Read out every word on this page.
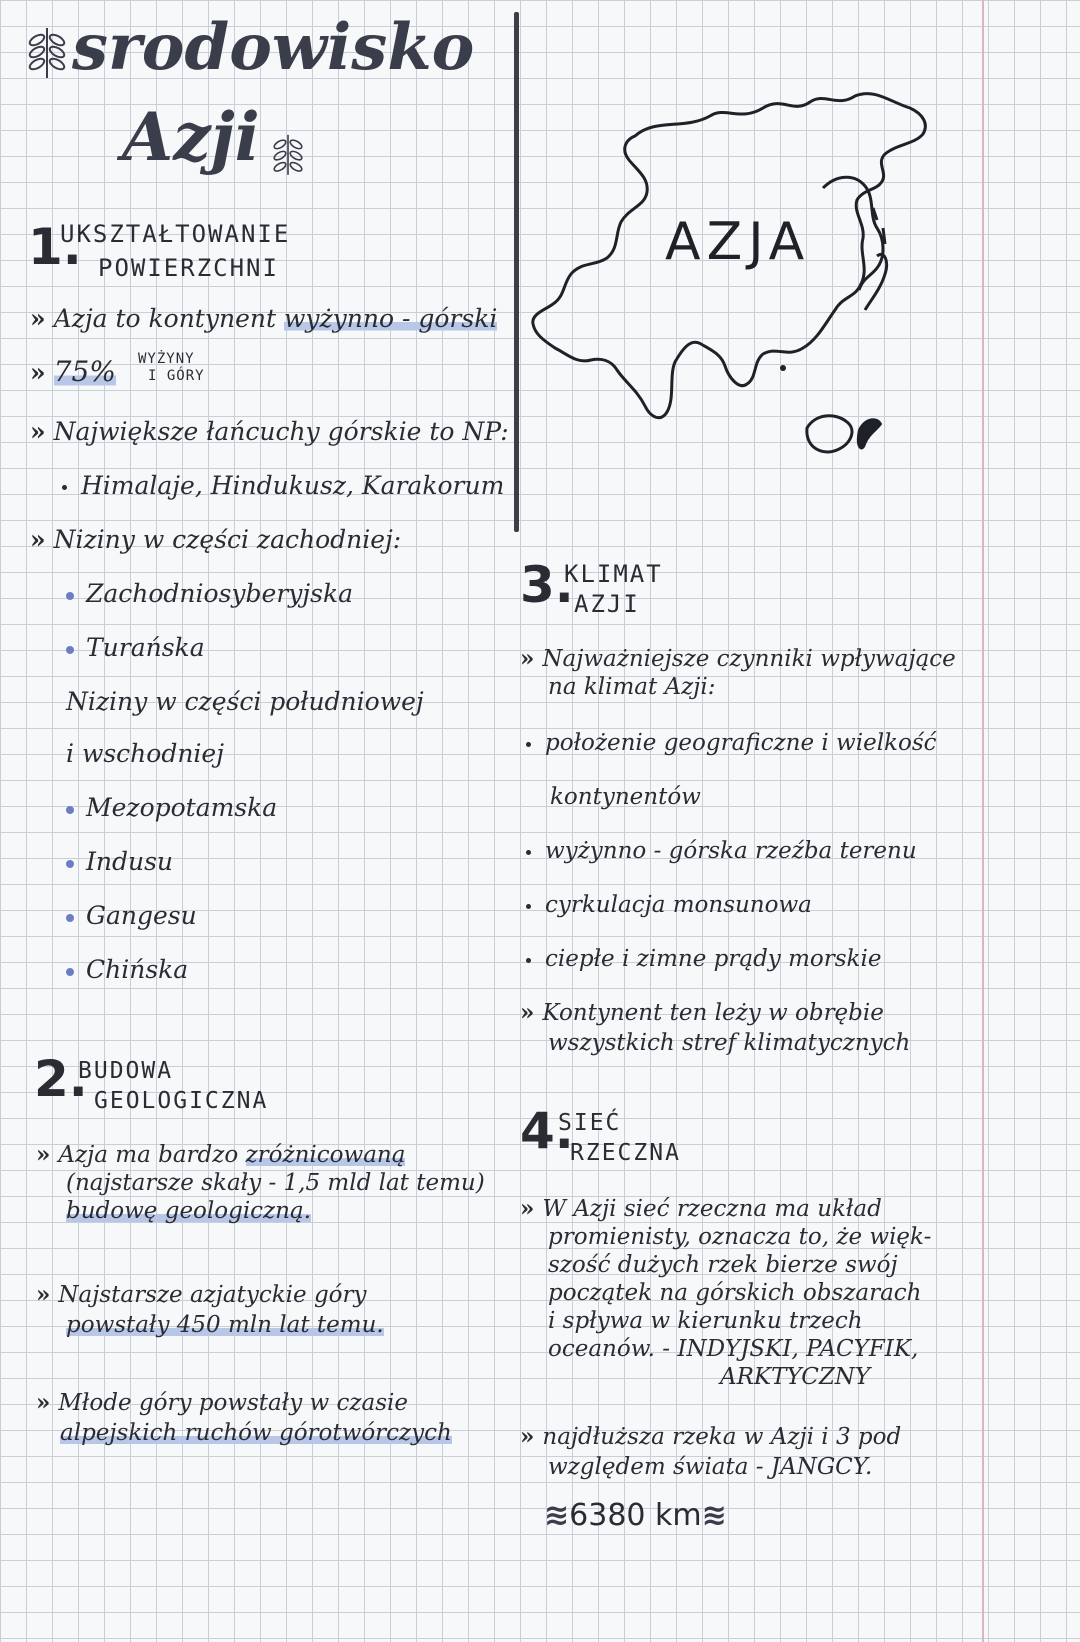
srodowisko
Azji
1.
UKSZTAŁTOWANIE
POWIERZCHNI
» Azja to kontynent wyżynno - górski
» 75% WYŻYNY
I GÓRY
» Największe łańcuchy górskie to NP:
Himalaje, Hindukusz, Karakorum
» Niziny w części zachodniej:
Zachodniosyberyjska
Turańska
Niziny w części południowej
i wschodniej
Mezopotamska
Indusu
Gangesu
Chińska
2.
BUDOWA
GEOLOGICZNA
» Azja ma bardzo zróżnicowaną
(najstarsze skały - 1,5 mld lat temu)
budowę geologiczną.
» Najstarsze azjatyckie góry
powstały 450 mln lat temu.
» Młode góry powstały w czasie
alpejskich ruchów górotwórczych
AZJA
3.
KLIMAT
AZJI
» Najważniejsze czynniki wpływające
na klimat Azji:
położenie geograficzne i wielkość
kontynentów
wyżynno - górska rzeźba terenu
cyrkulacja monsunowa
ciepłe i zimne prądy morskie
» Kontynent ten leży w obrębie
wszystkich stref klimatycznych
4.
SIEĆ
RZECZNA
» W Azji sieć rzeczna ma układ
promienisty, oznacza to, że więk-
szość dużych rzek bierze swój
początek na górskich obszarach
i spływa w kierunku trzech
oceanów. - INDYJSKI, PACYFIK,
ARKTYCZNY
» najdłuższa rzeka w Azji i 3 pod
względem świata - JANGCY.
≋6380 km≋
